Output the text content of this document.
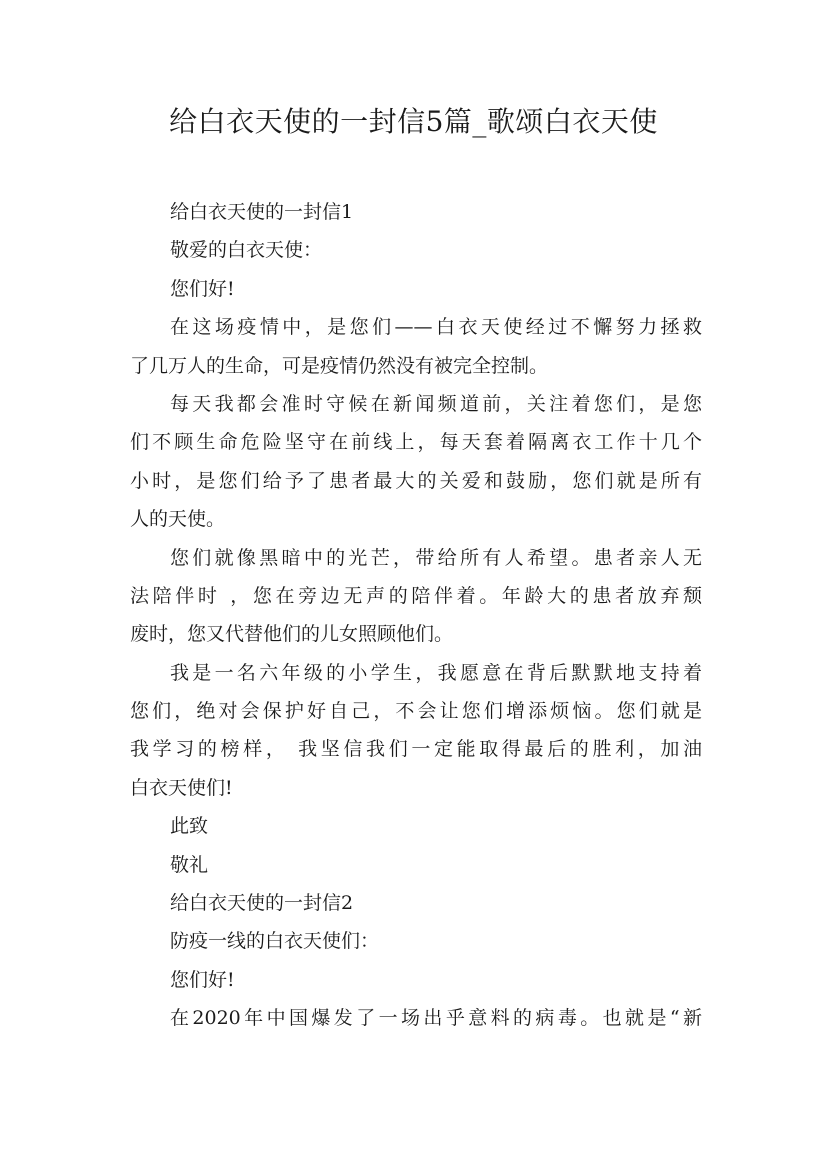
给白衣天使的一封信5篇_歌颂白衣天使
给白衣天使的一封信1
敬爱的白衣天使：
您们好!
在这场疫情中，是您们——白衣天使经过不懈努力拯救
了几万人的生命，可是疫情仍然没有被完全控制。
每天我都会准时守候在新闻频道前，关注着您们，是您
们不顾生命危险坚守在前线上，每天套着隔离衣工作十几个
小时，是您们给予了患者最大的关爱和鼓励，您们就是所有
人的天使。
您们就像黑暗中的光芒，带给所有人希望。患者亲人无
法陪伴时 ，您在旁边无声的陪伴着。年龄大的患者放弃颓
废时，您又代替他们的儿女照顾他们。
我是一名六年级的小学生，我愿意在背后默默地支持着
您们，绝对会保护好自己，不会让您们增添烦恼。您们就是
我学习的榜样， 我坚信我们一定能取得最后的胜利，加油
白衣天使们!
此致
敬礼
给白衣天使的一封信2
防疫一线的白衣天使们：
您们好!
在2020年中国爆发了一场出乎意料的病毒。也就是“新
